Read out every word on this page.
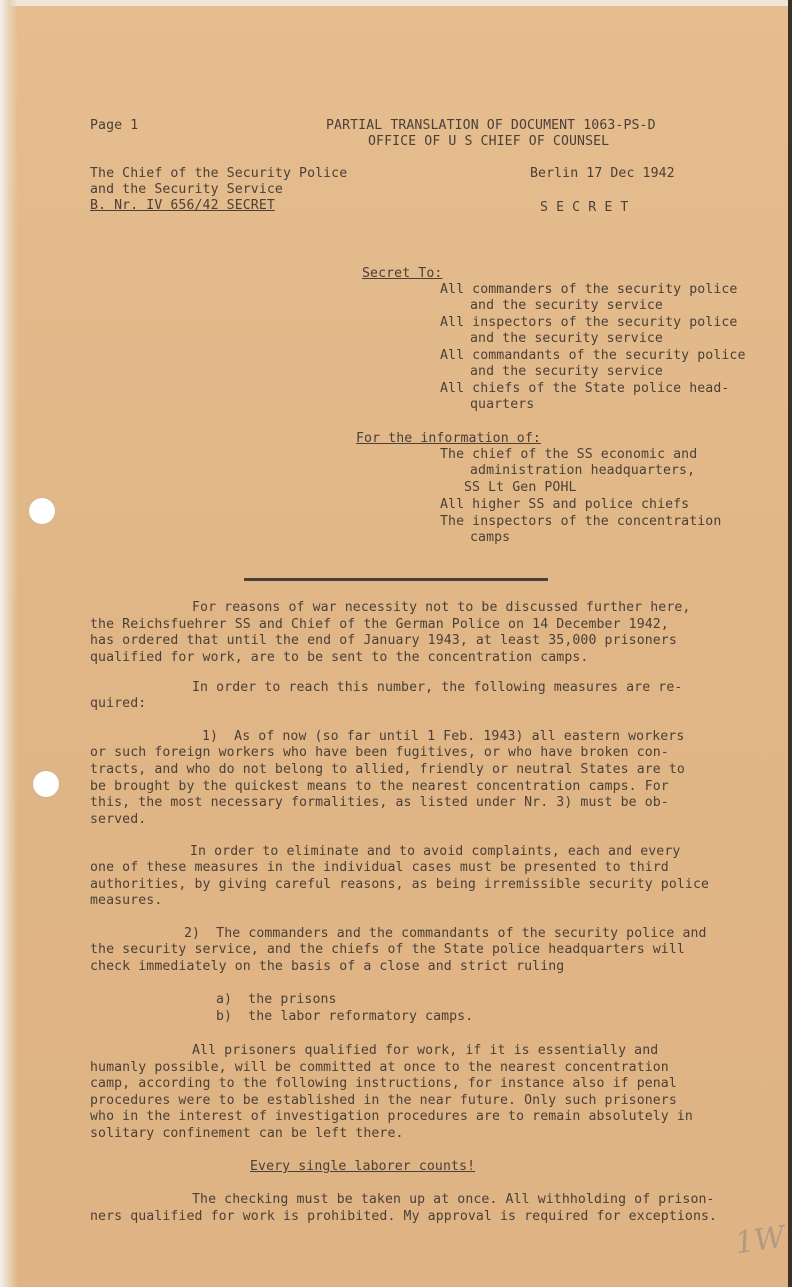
Page 1	PARTIAL TRANSLATION OF DOCUMENT 1063-PS-D
OFFICE OF U S CHIEF OF COUNSEL
The Chief of the Security Police
and the Security Service
B. Nr. IV 656/42 SECRET
Berlin 17 Dec 1942
S E C R E T
Secret To:
All commanders of the security police
and the security service
All inspectors of the security police
and the security service
All commandants of the security police
and the security service
All chiefs of the State police head-
quarters
For the information of:
The chief of the SS economic and
administration headquarters,
SS Lt Gen POHL
All higher SS and police chiefs
The inspectors of the concentration
camps
For reasons of war necessity not to be discussed further here,
the Reichsfuehrer SS and Chief of the German Police on 14 December 1942,
has ordered that until the end of January 1943, at least 35,000 prisoners
qualified for work, are to be sent to the concentration camps.
In order to reach this number, the following measures are re-
quired:
1)  As of now (so far until 1 Feb. 1943) all eastern workers
or such foreign workers who have been fugitives, or who have broken con-
tracts, and who do not belong to allied, friendly or neutral States are to
be brought by the quickest means to the nearest concentration camps. For
this, the most necessary formalities, as listed under Nr. 3) must be ob-
served.
In order to eliminate and to avoid complaints, each and every
one of these measures in the individual cases must be presented to third
authorities, by giving careful reasons, as being irremissible security police
measures.
2)  The commanders and the commandants of the security police and
the security service, and the chiefs of the State police headquarters will
check immediately on the basis of a close and strict ruling
a)  the prisons
b)  the labor reformatory camps.
All prisoners qualified for work, if it is essentially and
humanly possible, will be committed at once to the nearest concentration
camp, according to the following instructions, for instance also if penal
procedures were to be established in the near future. Only such prisoners
who in the interest of investigation procedures are to remain absolutely in
solitary confinement can be left there.
Every single laborer counts!
The checking must be taken up at once. All withholding of prison-
ners qualified for work is prohibited. My approval is required for exceptions.
1W
